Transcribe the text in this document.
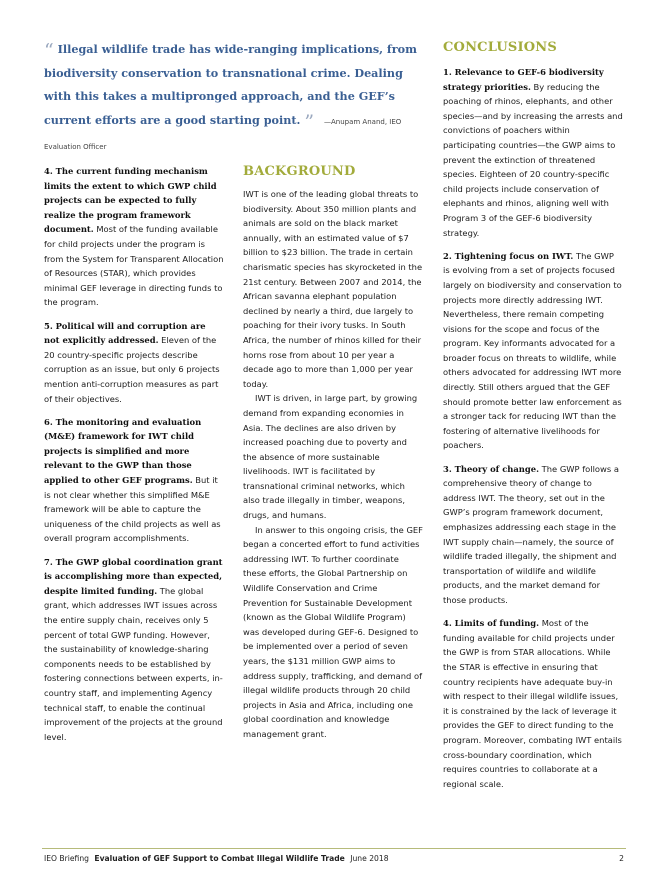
“ Illegal wildlife trade has wide-ranging implications, from biodiversity conservation to transnational crime. Dealing with this takes a multipronged approach, and the GEF’s current efforts are a good starting point. ” —Anupam Anand, IEO Evaluation Officer

4. The current funding mechanism limits the extent to which GWP child projects can be expected to fully realize the program framework document. Most of the funding available for child projects under the program is from the System for Transparent Allocation of Resources (STAR), which provides minimal GEF leverage in directing funds to the program.

5. Political will and corruption are not explicitly addressed. Eleven of the 20 country-specific projects describe corruption as an issue, but only 6 projects mention anti-corruption measures as part of their objectives.

6. The monitoring and evaluation (M&E) framework for IWT child projects is simplified and more relevant to the GWP than those applied to other GEF programs. But it is not clear whether this simplified M&E framework will be able to capture the uniqueness of the child projects as well as overall program accomplishments.

7. The GWP global coordination grant is accomplishing more than expected, despite limited funding. The global grant, which addresses IWT issues across the entire supply chain, receives only 5 percent of total GWP funding. However, the sustainability of knowledge-sharing components needs to be established by fostering connections between experts, in-country staff, and implementing Agency technical staff, to enable the continual improvement of the projects at the ground level.

BACKGROUND

IWT is one of the leading global threats to biodiversity. About 350 million plants and animals are sold on the black market annually, with an estimated value of $7 billion to $23 billion. The trade in certain charismatic species has skyrocketed in the 21st century. Between 2007 and 2014, the African savanna elephant population declined by nearly a third, due largely to poaching for their ivory tusks. In South Africa, the number of rhinos killed for their horns rose from about 10 per year a decade ago to more than 1,000 per year today.

IWT is driven, in large part, by growing demand from expanding economies in Asia. The declines are also driven by increased poaching due to poverty and the absence of more sustainable livelihoods. IWT is facilitated by transnational criminal networks, which also trade illegally in timber, weapons, drugs, and humans.

In answer to this ongoing crisis, the GEF began a concerted effort to fund activities addressing IWT. To further coordinate these efforts, the Global Partnership on Wildlife Conservation and Crime Prevention for Sustainable Development (known as the Global Wildlife Program) was developed during GEF-6. Designed to be implemented over a period of seven years, the $131 million GWP aims to address supply, trafficking, and demand of illegal wildlife products through 20 child projects in Asia and Africa, including one global coordination and knowledge management grant.

CONCLUSIONS

1. Relevance to GEF-6 biodiversity strategy priorities. By reducing the poaching of rhinos, elephants, and other species—and by increasing the arrests and convictions of poachers within participating countries—the GWP aims to prevent the extinction of threatened species. Eighteen of 20 country-specific child projects include conservation of elephants and rhinos, aligning well with Program 3 of the GEF-6 biodiversity strategy.

2. Tightening focus on IWT. The GWP is evolving from a set of projects focused largely on biodiversity and conservation to projects more directly addressing IWT. Nevertheless, there remain competing visions for the scope and focus of the program. Key informants advocated for a broader focus on threats to wildlife, while others advocated for addressing IWT more directly. Still others argued that the GEF should promote better law enforcement as a stronger tack for reducing IWT than the fostering of alternative livelihoods for poachers.

3. Theory of change. The GWP follows a comprehensive theory of change to address IWT. The theory, set out in the GWP’s program framework document, emphasizes addressing each stage in the IWT supply chain—namely, the source of wildlife traded illegally, the shipment and transportation of wildlife and wildlife products, and the market demand for those products.

4. Limits of funding. Most of the funding available for child projects under the GWP is from STAR allocations. While the STAR is effective in ensuring that country recipients have adequate buy-in with respect to their illegal wildlife issues, it is constrained by the lack of leverage it provides the GEF to direct funding to the program. Moreover, combating IWT entails cross-boundary coordination, which requires countries to collaborate at a regional scale.

IEO Briefing Evaluation of GEF Support to Combat Illegal Wildlife Trade June 2018	2
